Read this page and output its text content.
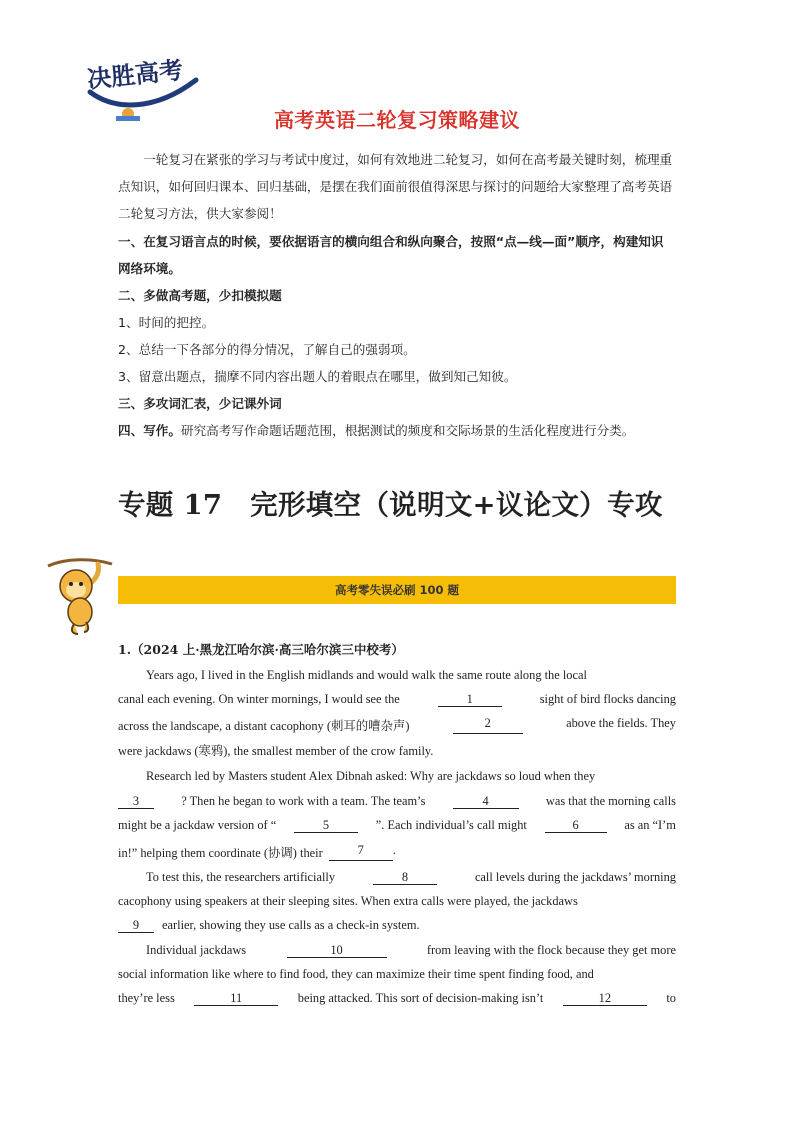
决胜高考
· · · · ·
高考英语二轮复习策略建议
一轮复习在紧张的学习与考试中度过，如何有效地进二轮复习，如何在高考最关键时刻，梳理重点知识，如何回归课本、回归基础，是摆在我们面前很值得深思与探讨的问题给大家整理了高考英语二轮复习方法，供大家参阅！
一、在复习语言点的时候，要依据语言的横向组合和纵向聚合，按照“点—线—面”顺序，构建知识网络环境。
二、多做高考题，少扣模拟题
1、时间的把控。
2、总结一下各部分的得分情况，了解自己的强弱项。
3、留意出题点，揣摩不同内容出题人的着眼点在哪里，做到知己知彼。
三、多攻词汇表，少记课外词
四、写作。研究高考写作命题话题范围，根据测试的频度和交际场景的生活化程度进行分类。
专题 17　完形填空（说明文+议论文）专攻
高考零失误必刷 100 题
1.（2024 上·黑龙江哈尔滨·高三哈尔滨三中校考）
Years ago, I lived in the English midlands and would walk the same route along the local
canal each evening. On winter mornings, I would see the	1	sight of bird flocks dancing
across the landscape, a distant cacophony (刺耳的嘈杂声)	2	above the fields. They
were jackdaws (寒鸦), the smallest member of the crow family.
Research led by Masters student Alex Dibnah asked: Why are jackdaws so loud when they
3	? Then he began to work with a team. The team’s	4	was that the morning calls
might be a jackdaw version of “	5	”. Each individual’s call might	6	as an “I’m
in!” helping them coordinate (协调) their	7	.
To test this, the researchers artificially	8	call levels during the jackdaws’ morning
cacophony using speakers at their sleeping sites. When extra calls were played, the jackdaws
9	earlier, showing they use calls as a check-in system.
Individual jackdaws	10	from leaving with the flock because they get more
social information like where to find food, they can maximize their time spent finding food, and
they’re less	11	being attacked. This sort of decision-making isn’t	12	to
